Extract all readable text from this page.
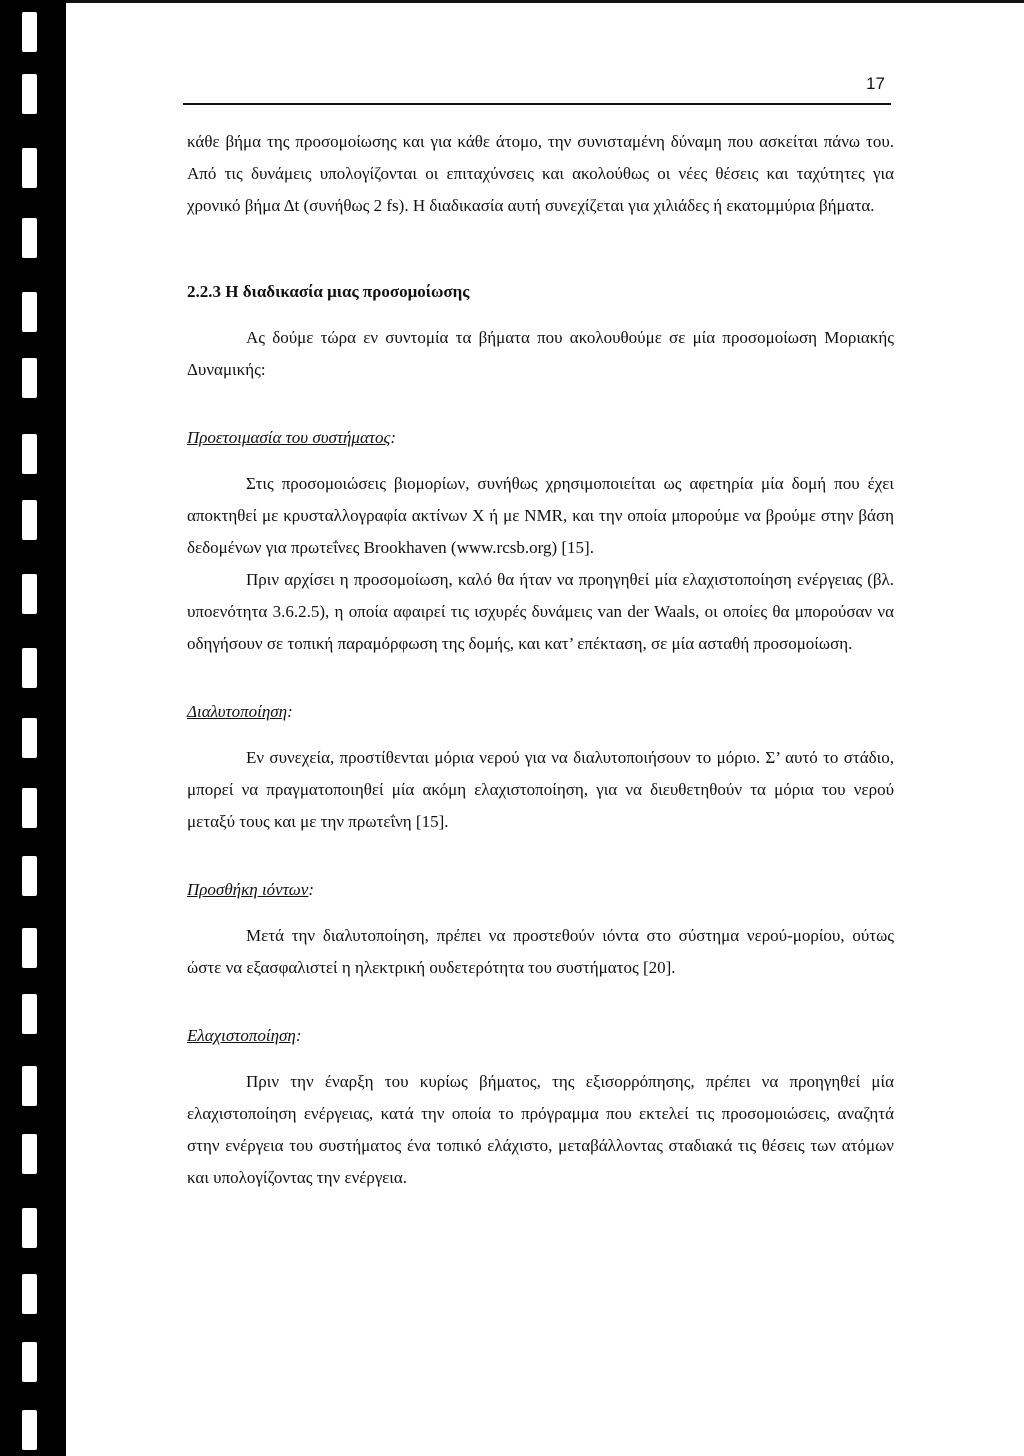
17

κάθε βήμα της προσομοίωσης και για κάθε άτομο, την συνισταμένη δύναμη που ασκείται πάνω του. Από τις δυνάμεις υπολογίζονται οι επιταχύνσεις και ακολούθως οι νέες θέσεις και ταχύτητες για χρονικό βήμα Δt (συνήθως 2 fs). Η διαδικασία αυτή συνεχίζεται για χιλιάδες ή εκατομμύρια βήματα.

2.2.3 Η διαδικασία μιας προσομοίωσης

Ας δούμε τώρα εν συντομία τα βήματα που ακολουθούμε σε μία προσομοίωση Μοριακής Δυναμικής:

Προετοιμασία του συστήματος:

Στις προσομοιώσεις βιομορίων, συνήθως χρησιμοποιείται ως αφετηρία μία δομή που έχει αποκτηθεί με κρυσταλλογραφία ακτίνων X ή με NMR, και την οποία μπορούμε να βρούμε στην βάση δεδομένων για πρωτεΐνες Brookhaven (www.rcsb.org) [15].

Πριν αρχίσει η προσομοίωση, καλό θα ήταν να προηγηθεί μία ελαχιστοποίηση ενέργειας (βλ. υποενότητα 3.6.2.5), η οποία αφαιρεί τις ισχυρές δυνάμεις van der Waals, οι οποίες θα μπορούσαν να οδηγήσουν σε τοπική παραμόρφωση της δομής, και κατ’ επέκταση, σε μία ασταθή προσομοίωση.

Διαλυτοποίηση:

Εν συνεχεία, προστίθενται μόρια νερού για να διαλυτοποιήσουν το μόριο. Σ’ αυτό το στάδιο, μπορεί να πραγματοποιηθεί μία ακόμη ελαχιστοποίηση, για να διευθετηθούν τα μόρια του νερού μεταξύ τους και με την πρωτεΐνη [15].

Προσθήκη ιόντων:

Μετά την διαλυτοποίηση, πρέπει να προστεθούν ιόντα στο σύστημα νερού-μορίου, ούτως ώστε να εξασφαλιστεί η ηλεκτρική ουδετερότητα του συστήματος [20].

Ελαχιστοποίηση:

Πριν την έναρξη του κυρίως βήματος, της εξισορρόπησης, πρέπει να προηγηθεί μία ελαχιστοποίηση ενέργειας, κατά την οποία το πρόγραμμα που εκτελεί τις προσομοιώσεις, αναζητά στην ενέργεια του συστήματος ένα τοπικό ελάχιστο, μεταβάλλοντας σταδιακά τις θέσεις των ατόμων και υπολογίζοντας την ενέργεια.
